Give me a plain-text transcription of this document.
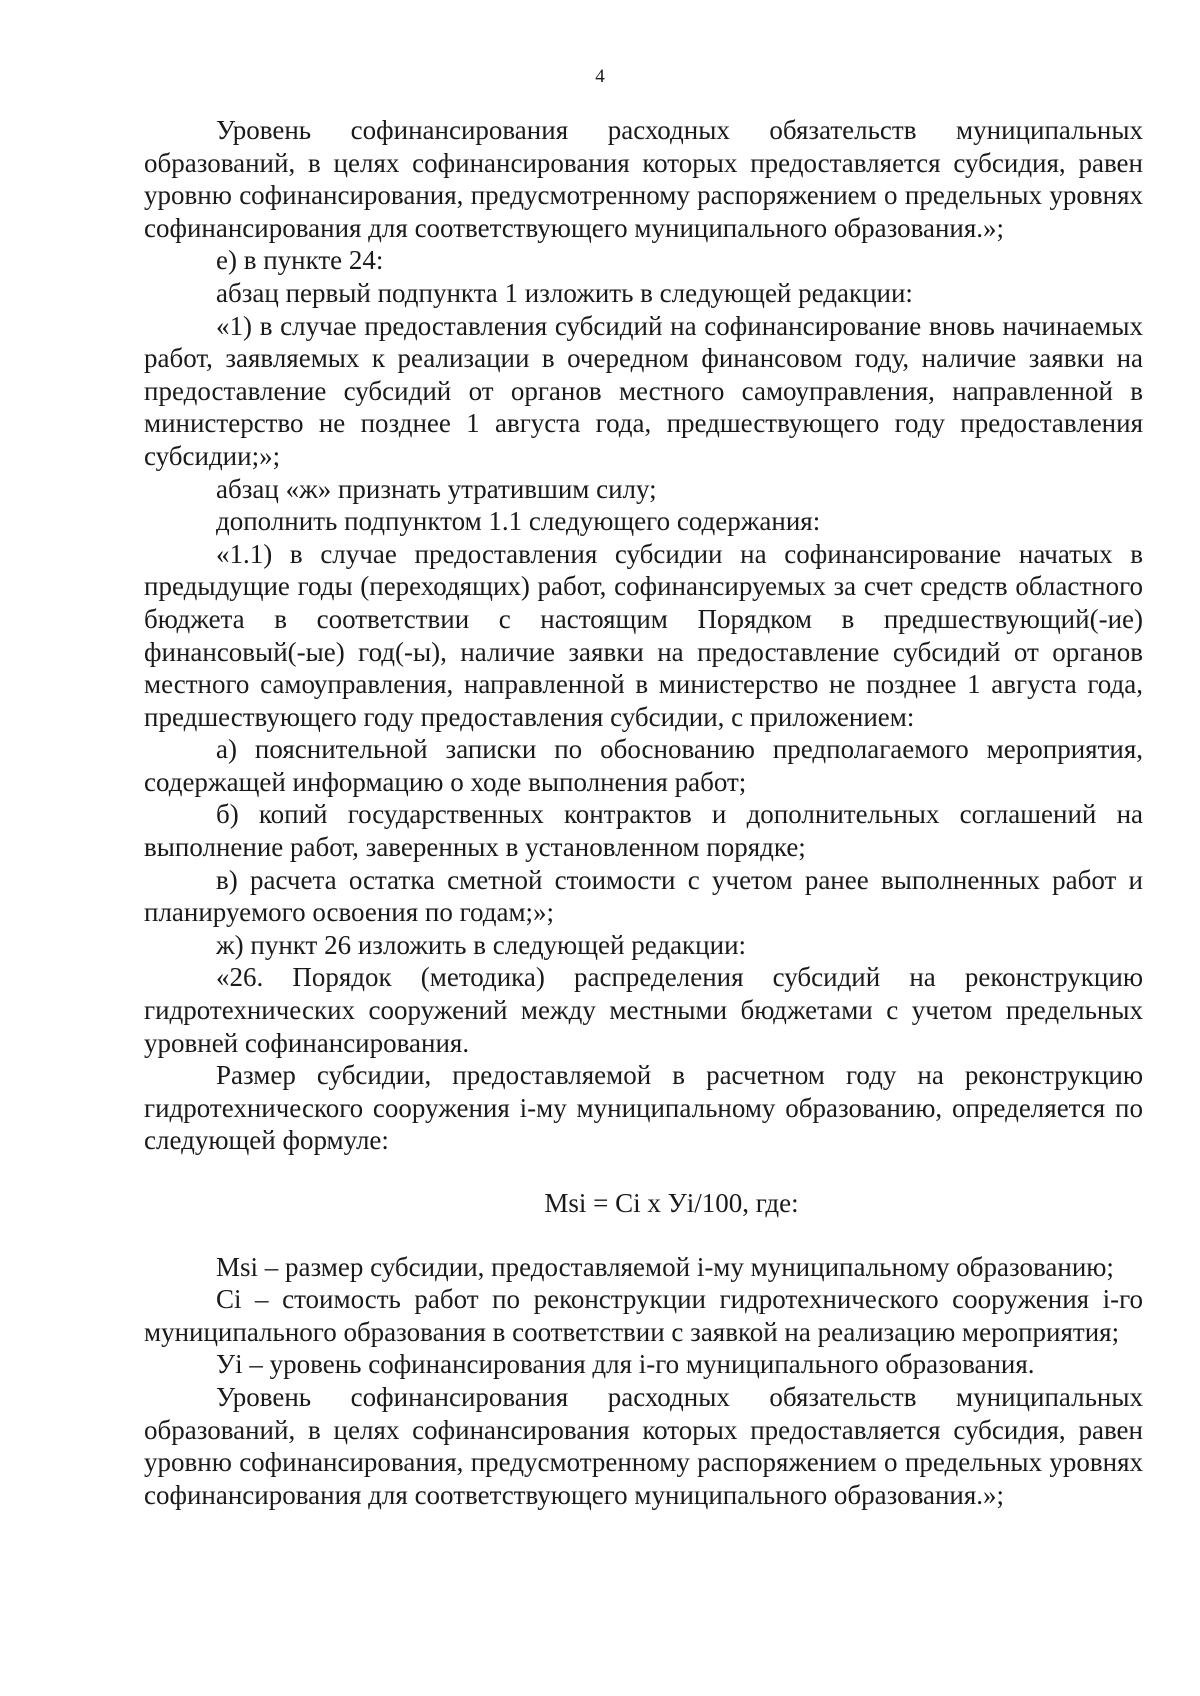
4

Уровень софинансирования расходных обязательств муниципальных образований, в целях софинансирования которых предоставляется субсидия, равен уровню софинансирования, предусмотренному распоряжением о предельных уровнях софинансирования для соответствующего муниципального образования.»;

е) в пункте 24:

абзац первый подпункта 1 изложить в следующей редакции:

«1) в случае предоставления субсидий на софинансирование вновь начинаемых работ, заявляемых к реализации в очередном финансовом году, наличие заявки на предоставление субсидий от органов местного самоуправления, направленной в министерство не позднее 1 августа года, предшествующего году предоставления субсидии;»;

абзац «ж» признать утратившим силу;

дополнить подпунктом 1.1 следующего содержания:

«1.1) в случае предоставления субсидии на софинансирование начатых в предыдущие годы (переходящих) работ, софинансируемых за счет средств областного бюджета в соответствии с настоящим Порядком в предшествующий(-ие) финансовый(-ые) год(-ы), наличие заявки на предоставление субсидий от органов местного самоуправления, направленной в министерство не позднее 1 августа года, предшествующего году предоставления субсидии, с приложением:

а) пояснительной записки по обоснованию предполагаемого мероприятия, содержащей информацию о ходе выполнения работ;

б) копий государственных контрактов и дополнительных соглашений на выполнение работ, заверенных в установленном порядке;

в) расчета остатка сметной стоимости с учетом ранее выполненных работ и планируемого освоения по годам;»;

ж) пункт 26 изложить в следующей редакции:

«26. Порядок (методика) распределения субсидий на реконструкцию гидротехнических сооружений между местными бюджетами с учетом предельных уровней софинансирования.

Размер субсидии, предоставляемой в расчетном году на реконструкцию гидротехнического сооружения i-му муниципальному образованию, определяется по следующей формуле:

Msi = Ci x Уi/100, где:

Msi – размер субсидии, предоставляемой i-му муниципальному образованию;

Ci – стоимость работ по реконструкции гидротехнического сооружения i-го муниципального образования в соответствии с заявкой на реализацию мероприятия;

Уi – уровень софинансирования для i-го муниципального образования.

Уровень софинансирования расходных обязательств муниципальных образований, в целях софинансирования которых предоставляется субсидия, равен уровню софинансирования, предусмотренному распоряжением о предельных уровнях софинансирования для соответствующего муниципального образования.»;
